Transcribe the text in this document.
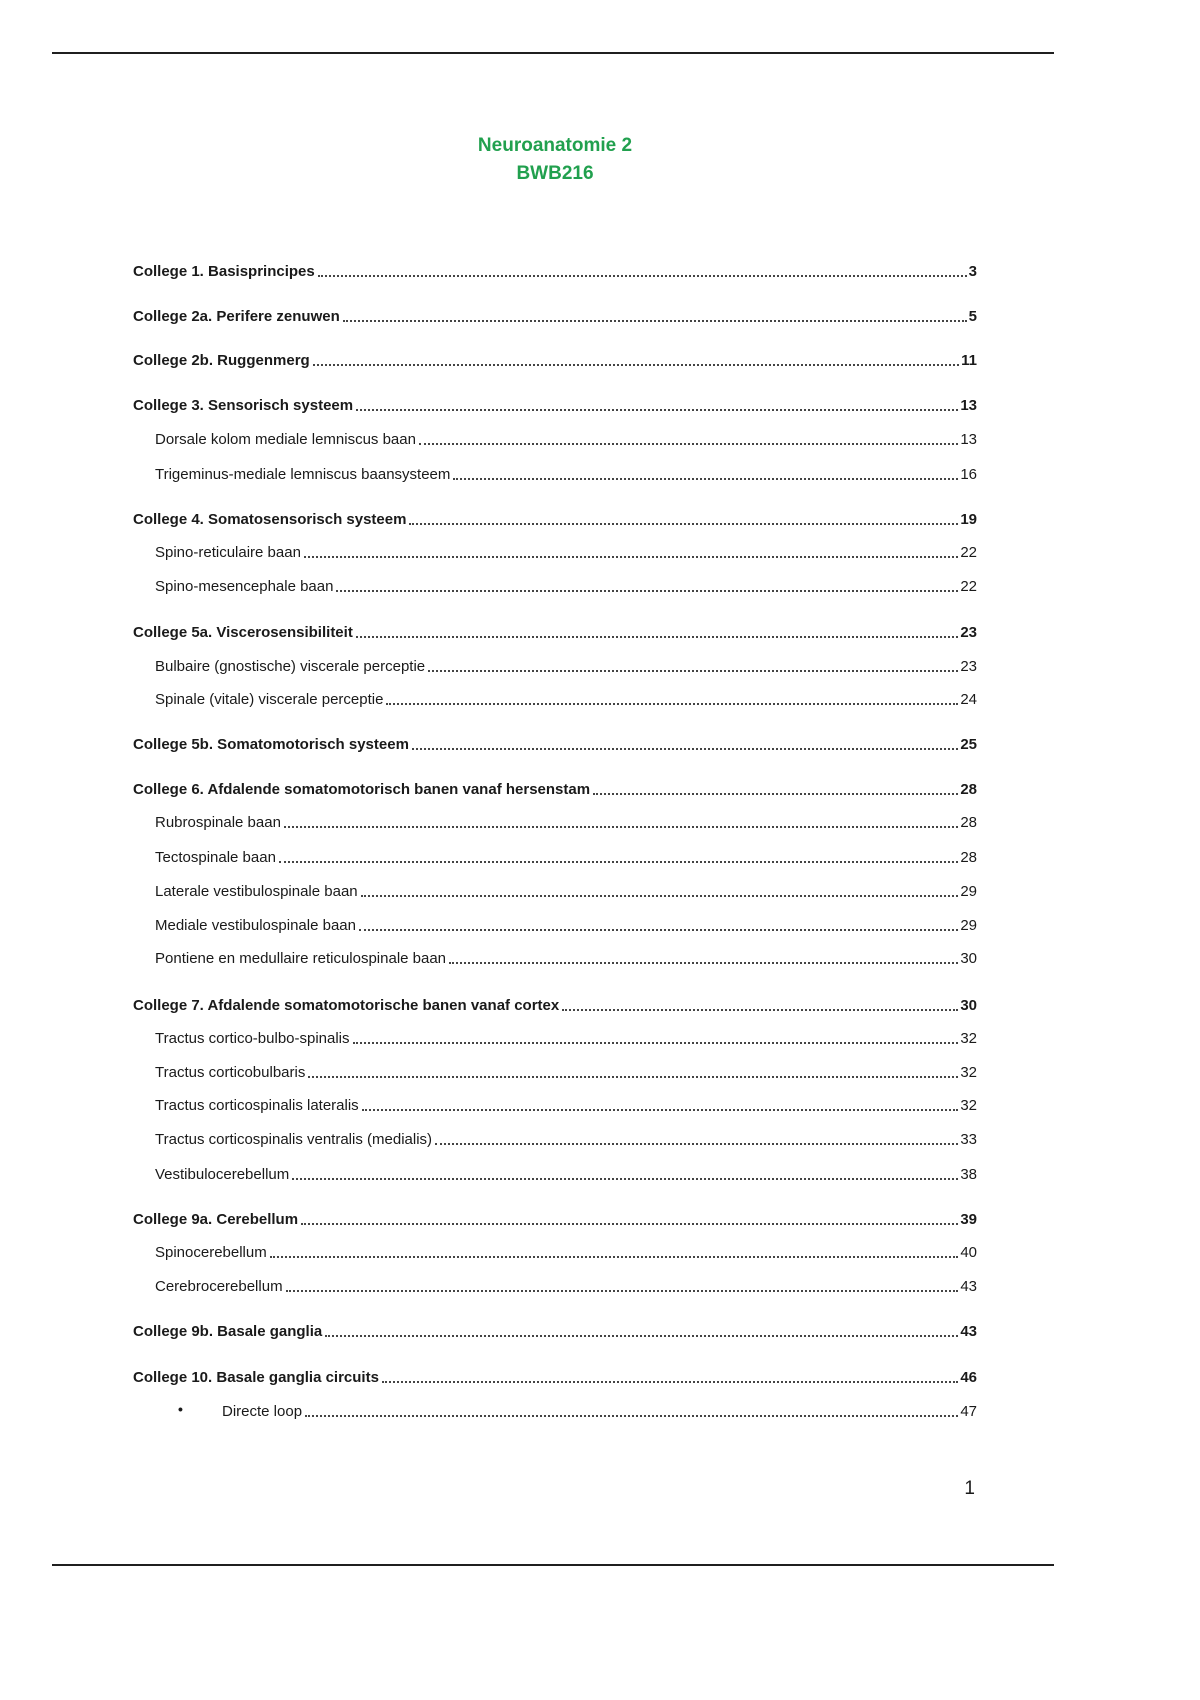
Neuroanatomie 2
BWB216
College 1. Basisprincipes	3
College 2a. Perifere zenuwen	5
College 2b. Ruggenmerg	11
College 3. Sensorisch systeem	13
Dorsale kolom mediale lemniscus baan	13
Trigeminus-mediale lemniscus baansysteem	16
College 4. Somatosensorisch systeem	19
Spino-reticulaire baan	22
Spino-mesencephale baan	22
College 5a. Viscerosensibiliteit	23
Bulbaire (gnostische) viscerale perceptie	23
Spinale (vitale) viscerale perceptie	24
College 5b. Somatomotorisch systeem	25
College 6. Afdalende somatomotorisch banen vanaf hersenstam	28
Rubrospinale baan	28
Tectospinale baan	28
Laterale vestibulospinale baan	29
Mediale vestibulospinale baan	29
Pontiene en medullaire reticulospinale baan	30
College 7. Afdalende somatomotorische banen vanaf cortex	30
Tractus cortico-bulbo-spinalis	32
Tractus corticobulbaris	32
Tractus corticospinalis lateralis	32
Tractus corticospinalis ventralis (medialis)	33
Vestibulocerebellum	38
College 9a. Cerebellum	39
Spinocerebellum	40
Cerebrocerebellum	43
College 9b. Basale ganglia	43
College 10. Basale ganglia circuits	46
Directe loop	47
•
1
